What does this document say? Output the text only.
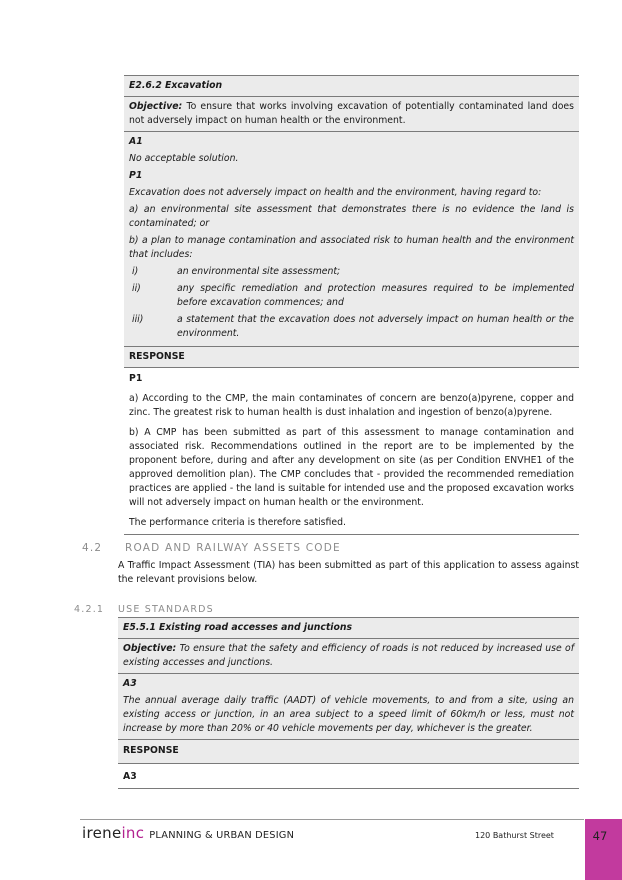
E2.6.2 Excavation
Objective: To ensure that works involving excavation of potentially contaminated land does not adversely impact on human health or the environment.

A1

No acceptable solution.

P1

Excavation does not adversely impact on health and the environment, having regard to:

a) an environmental site assessment that demonstrates there is no evidence the land is contaminated; or

b) a plan to manage contamination and associated risk to human health and the environment that includes:

i)	an environmental site assessment;
ii)	any specific remediation and protection measures required to be implemented before excavation commences; and
iii)	a statement that the excavation does not adversely impact on human health or the environment.
RESPONSE

P1

a) According to the CMP, the main contaminates of concern are benzo(a)pyrene, copper and zinc. The greatest risk to human health is dust inhalation and ingestion of benzo(a)pyrene.

b) A CMP has been submitted as part of this assessment to manage contamination and associated risk. Recommendations outlined in the report are to be implemented by the proponent before, during and after any development on site (as per Condition ENVHE1 of the approved demolition plan). The CMP concludes that - provided the recommended remediation practices are applied - the land is suitable for intended use and the proposed excavation works will not adversely impact on human health or the environment.

The performance criteria is therefore satisfied.

4.2 ROAD AND RAILWAY ASSETS CODE

A Traffic Impact Assessment (TIA) has been submitted as part of this application to assess against the relevant provisions below.

4.2.1 USE STANDARDS
E5.5.1 Existing road accesses and junctions
Objective: To ensure that the safety and efficiency of roads is not reduced by increased use of existing accesses and junctions.

A3

The annual average daily traffic (AADT) of vehicle movements, to and from a site, using an existing access or junction, in an area subject to a speed limit of 60km/h or less, must not increase by more than 20% or 40 vehicle movements per day, whichever is the greater.

RESPONSE
A3
ireneinc PLANNING & URBAN DESIGN	120 Bathurst Street	47
